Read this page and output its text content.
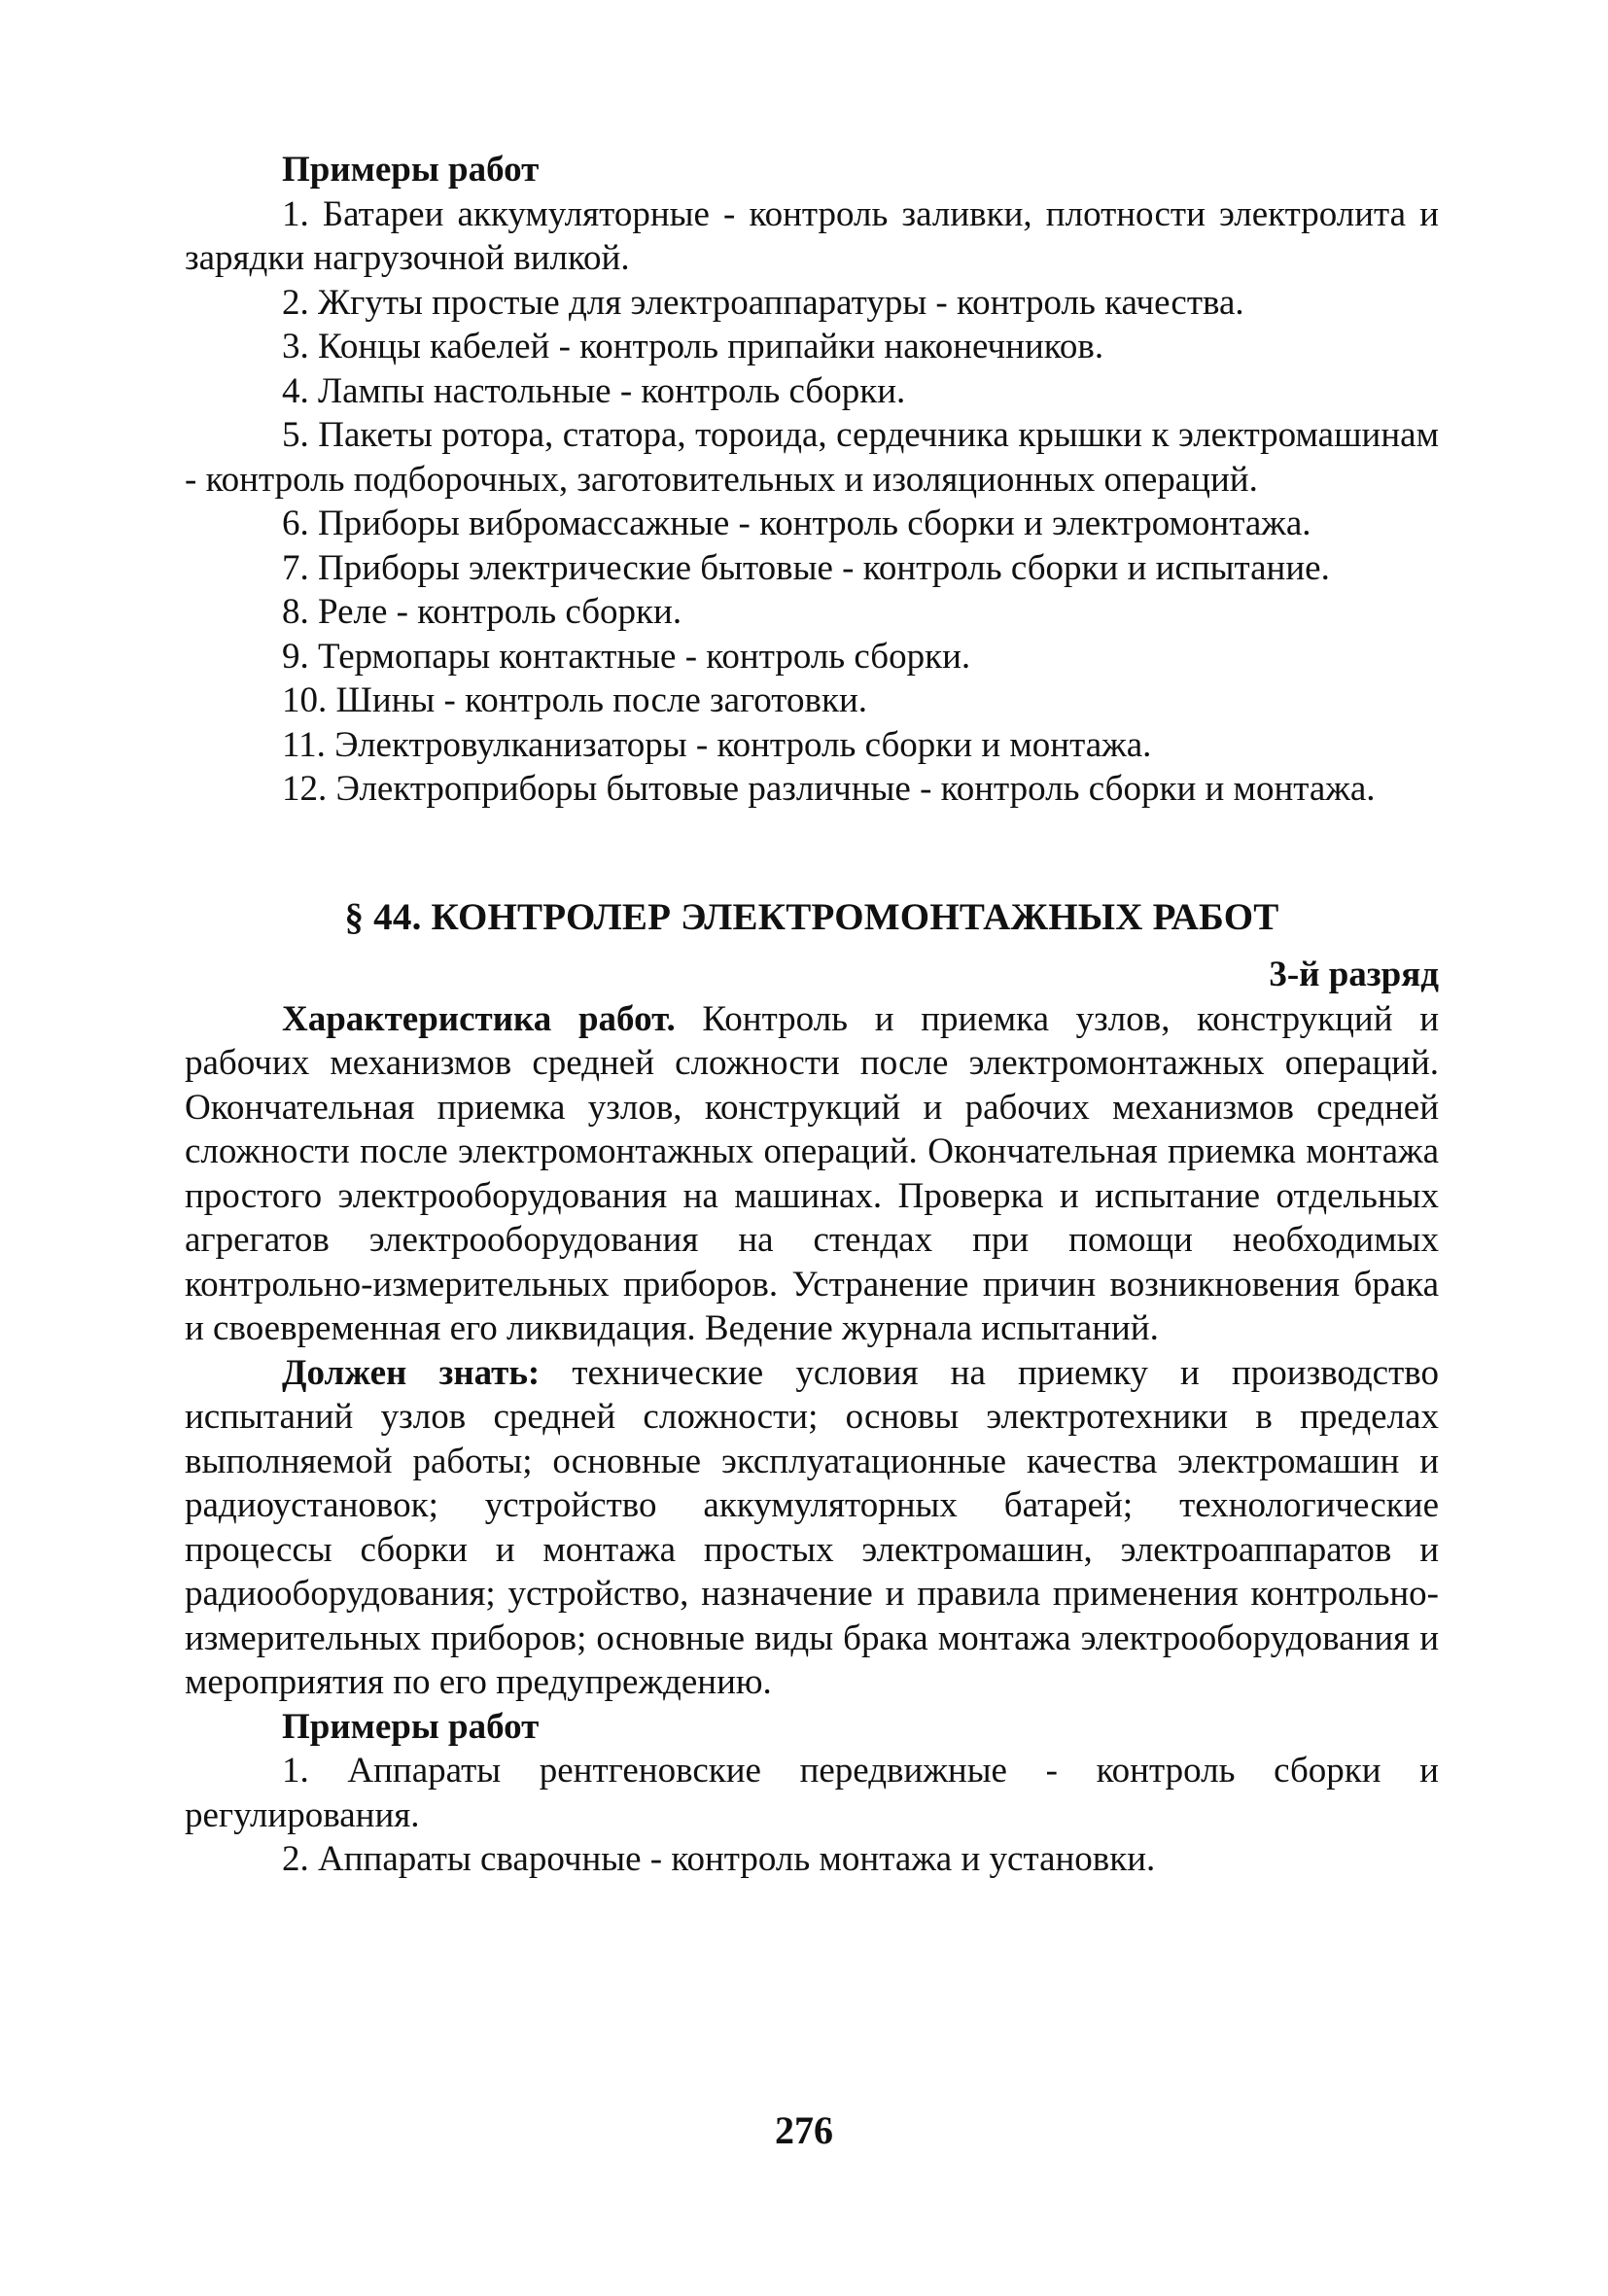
Примеры работ

1. Батареи аккумуляторные - контроль заливки, плотности электролита и зарядки нагрузочной вилкой.

2. Жгуты простые для электроаппаратуры - контроль качества.

3. Концы кабелей - контроль припайки наконечников.

4. Лампы настольные - контроль сборки.

5. Пакеты ротора, статора, тороида, сердечника крышки к электромашинам - контроль подборочных, заготовительных и изоляционных операций.

6. Приборы вибромассажные - контроль сборки и электромонтажа.

7. Приборы электрические бытовые - контроль сборки и испытание.

8. Реле - контроль сборки.

9. Термопары контактные - контроль сборки.

10. Шины - контроль после заготовки.

11. Электровулканизаторы - контроль сборки и монтажа.

12. Электроприборы бытовые различные - контроль сборки и монтажа.

§ 44. КОНТРОЛЕР ЭЛЕКТРОМОНТАЖНЫХ РАБОТ

3-й разряд

Характеристика работ. Контроль и приемка узлов, конструкций и рабочих механизмов средней сложности после электромонтажных операций. Окончательная приемка узлов, конструкций и рабочих механизмов средней сложности после электромонтажных операций. Окончательная приемка монтажа простого электрооборудования на машинах. Проверка и испытание отдельных агрегатов электрооборудования на стендах при помощи необходимых контрольно-измерительных приборов. Устранение причин возникновения брака и своевременная его ликвидация. Ведение журнала испытаний.

Должен знать: технические условия на приемку и производство испытаний узлов средней сложности; основы электротехники в пределах выполняемой работы; основные эксплуатационные качества электромашин и радиоустановок; устройство аккумуляторных батарей; технологические процессы сборки и монтажа простых электромашин, электроаппаратов и радиооборудования; устройство, назначение и правила применения контрольно-измерительных приборов; основные виды брака монтажа электрооборудования и мероприятия по его предупреждению.

Примеры работ

1. Аппараты рентгеновские передвижные - контроль сборки и регулирования.

2. Аппараты сварочные - контроль монтажа и установки.

276
